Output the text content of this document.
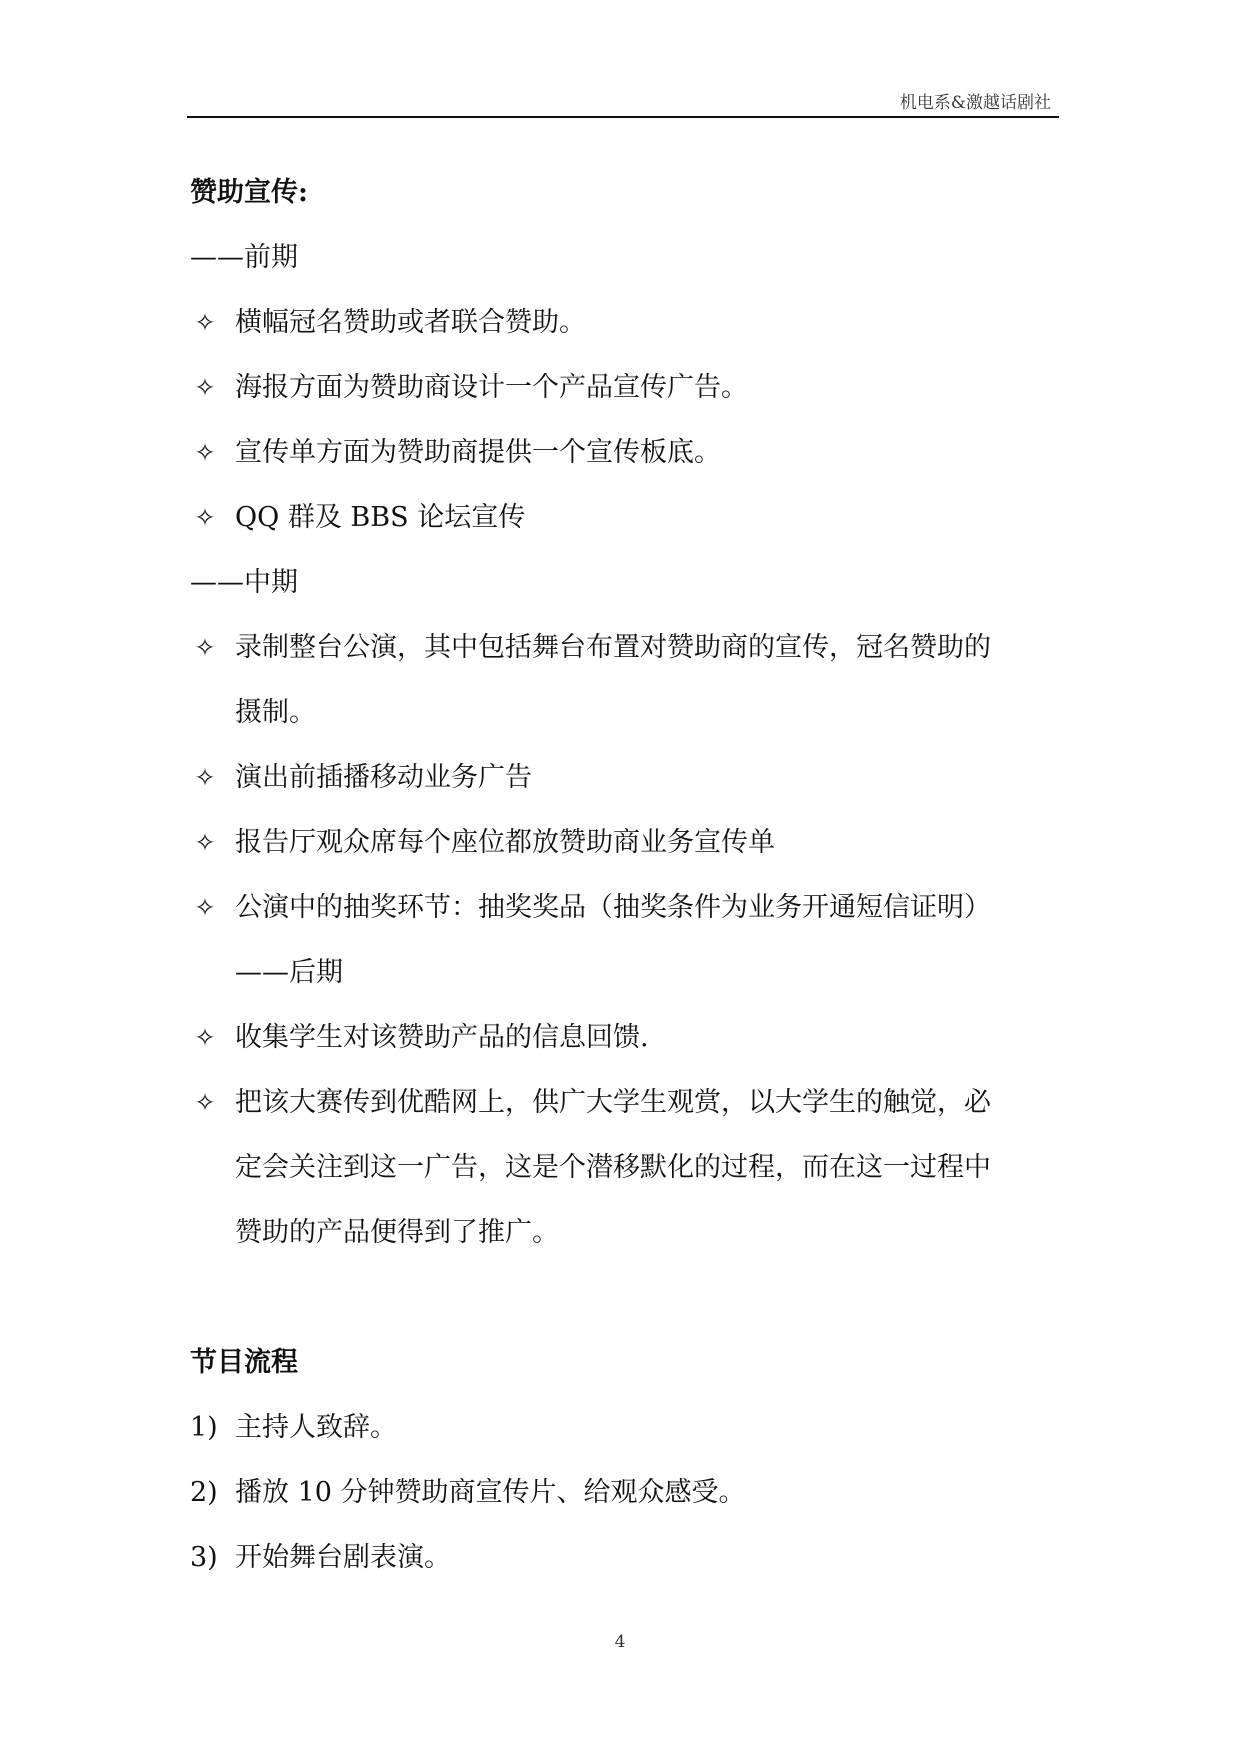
机电系&激越话剧社
赞助宣传:
——前期
✧ 横幅冠名赞助或者联合赞助。
✧ 海报方面为赞助商设计一个产品宣传广告。
✧ 宣传单方面为赞助商提供一个宣传板底。
✧ QQ 群及 BBS 论坛宣传
——中期
✧ 录制整台公演，其中包括舞台布置对赞助商的宣传，冠名赞助的
摄制。
✧ 演出前插播移动业务广告
✧ 报告厅观众席每个座位都放赞助商业务宣传单
✧ 公演中的抽奖环节：抽奖奖品（抽奖条件为业务开通短信证明）
——后期
✧ 收集学生对该赞助产品的信息回馈.
✧ 把该大赛传到优酷网上，供广大学生观赏，以大学生的触觉，必
定会关注到这一广告，这是个潜移默化的过程，而在这一过程中
赞助的产品便得到了推广。
节目流程
1) 主持人致辞。
2) 播放 10 分钟赞助商宣传片、给观众感受。
3) 开始舞台剧表演。
4
